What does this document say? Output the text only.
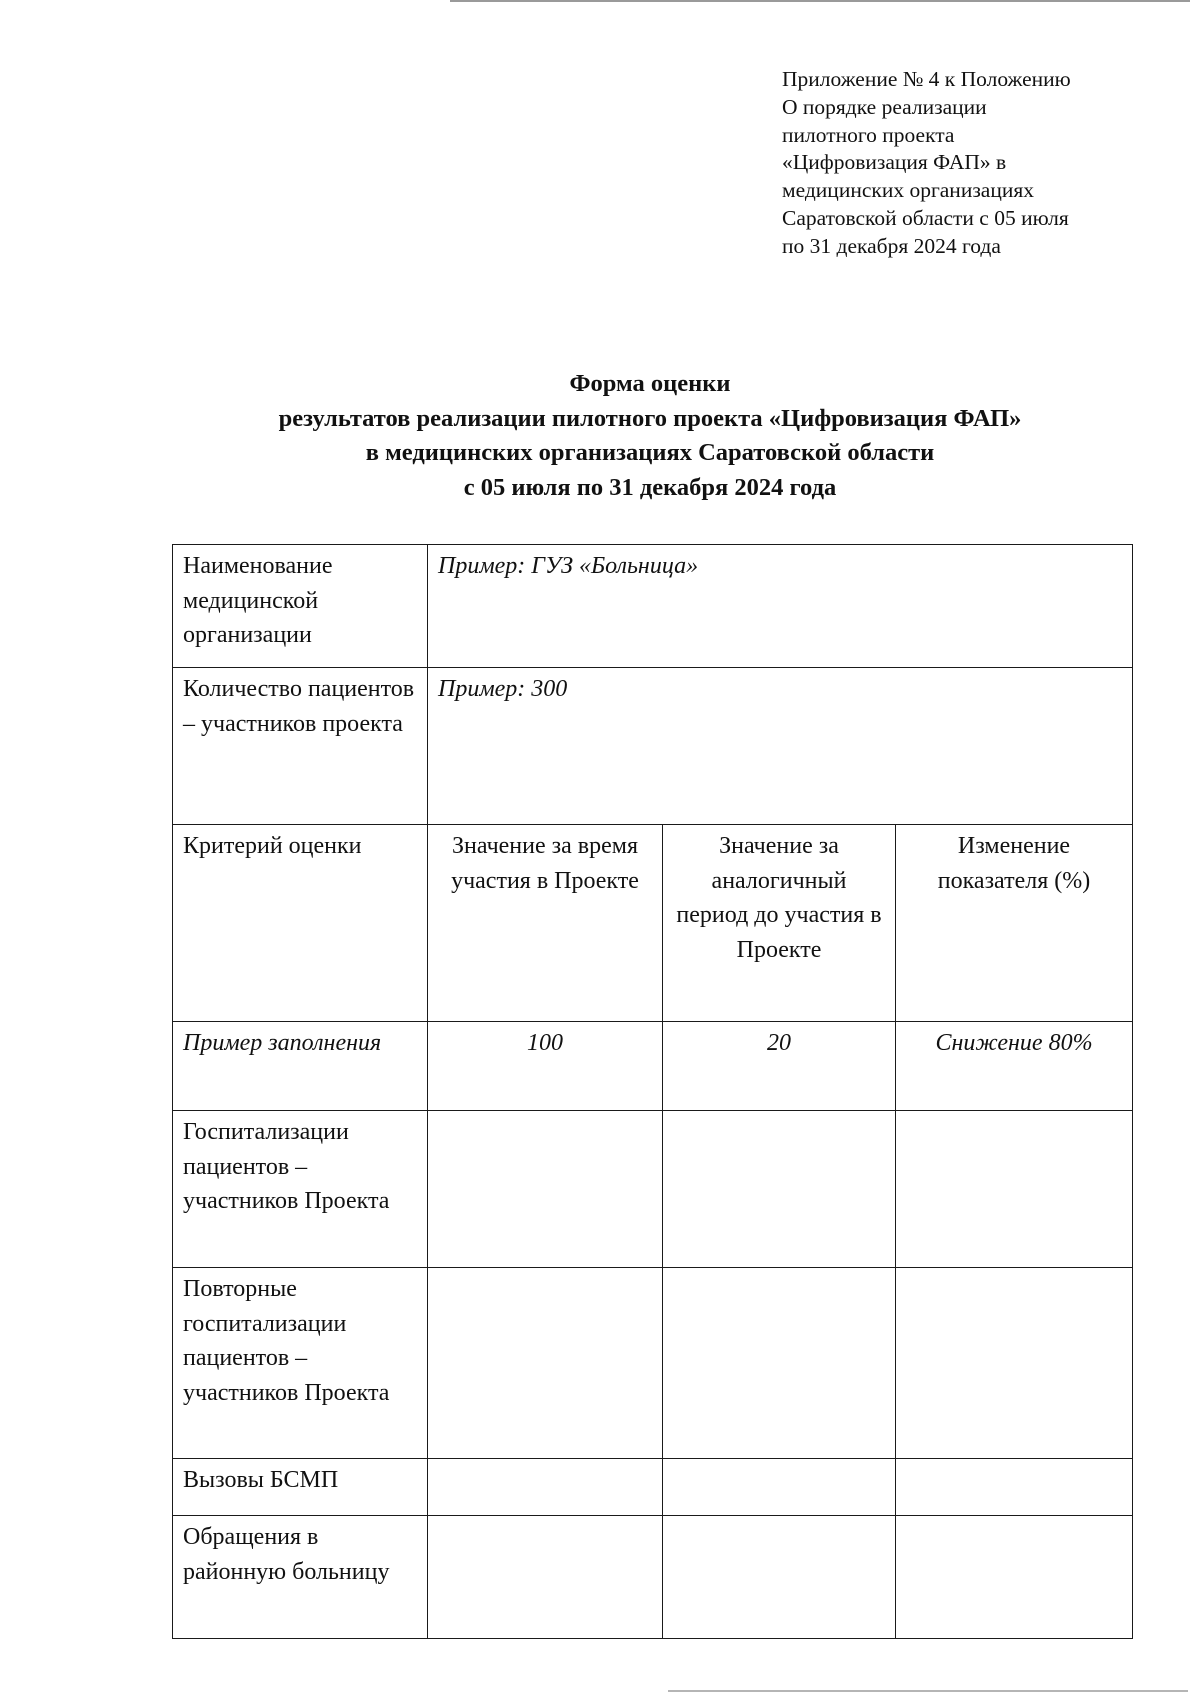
Приложение № 4 к Положению
О порядке реализации
пилотного проекта
«Цифровизация ФАП» в
медицинских организациях
Саратовской области с 05 июля
по 31 декабря 2024 года
Форма оценки
результатов реализации пилотного проекта «Цифровизация ФАП»
в медицинских организациях Саратовской области
с 05 июля по 31 декабря 2024 года
Наименование медицинской организации	Пример: ГУЗ «Больница»		
Количество пациентов – участников проекта	Пример: 300		
Критерий оценки	Значение за время участия в Проекте	Значение за аналогичный период до участия в Проекте	Изменение показателя (%)
Пример заполнения	100	20	Снижение 80%
Госпитализации пациентов – участников Проекта			
Повторные госпитализации пациентов – участников Проекта			
Вызовы БСМП			
Обращения в районную больницу			
